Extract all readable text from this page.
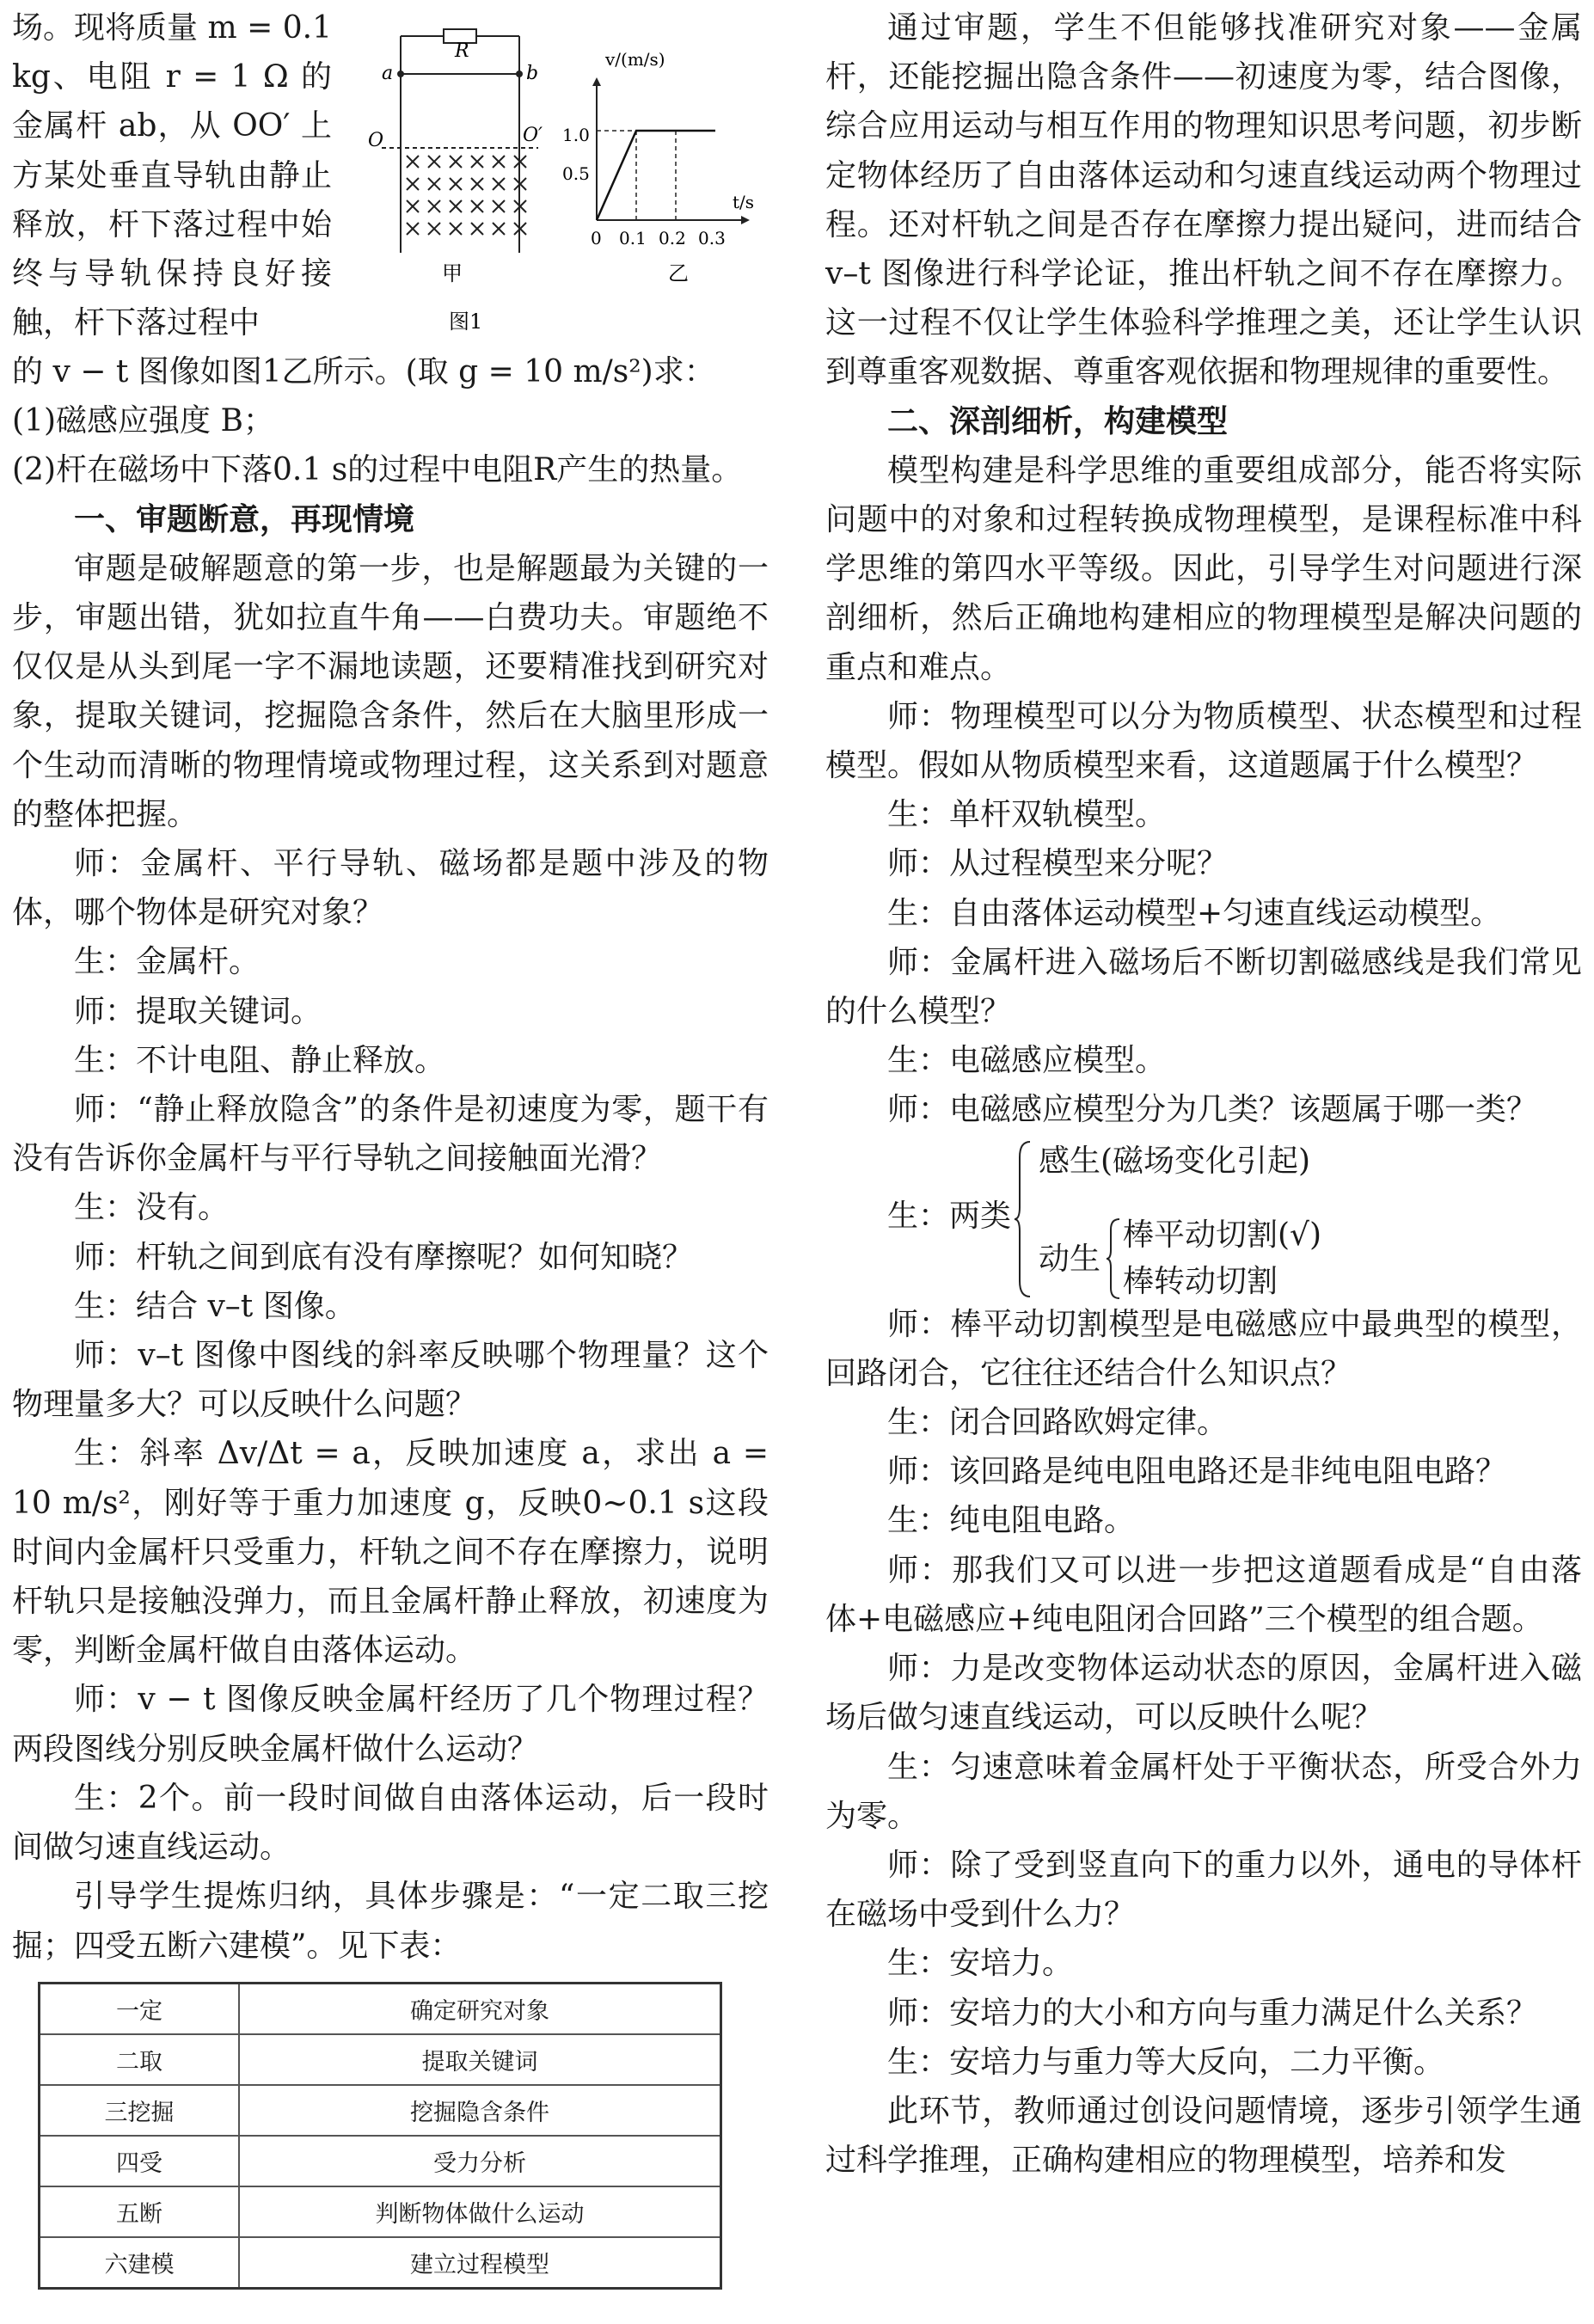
场。现将质量 m = 0.1 kg、电阻 r = 1 Ω 的金属杆 ab，从 OO′ 上方某处垂直导轨由静止释放，杆下落过程中始终与导轨保持良好接触，杆下落过程中

R
a	b
O	O′
甲
图1
v/(m/s)
t/s
1.0
0.5
0 0.1 0.2 0.3
乙

的 v − t 图像如图1乙所示。(取 g = 10 m/s²)求：

(1)磁感应强度 B；

(2)杆在磁场中下落0.1 s的过程中电阻R产生的热量。

一、审题断意，再现情境

审题是破解题意的第一步，也是解题最为关键的一步，审题出错，犹如拉直牛角——白费功夫。审题绝不仅仅是从头到尾一字不漏地读题，还要精准找到研究对象，提取关键词，挖掘隐含条件，然后在大脑里形成一个生动而清晰的物理情境或物理过程，这关系到对题意的整体把握。

师：金属杆、平行导轨、磁场都是题中涉及的物体，哪个物体是研究对象？

生：金属杆。

师：提取关键词。

生：不计电阻、静止释放。

师：“静止释放隐含”的条件是初速度为零，题干有没有告诉你金属杆与平行导轨之间接触面光滑？

生：没有。

师：杆轨之间到底有没有摩擦呢？如何知晓？

生：结合 v–t 图像。

师：v–t 图像中图线的斜率反映哪个物理量？这个物理量多大？可以反映什么问题？

生：斜率 Δv/Δt = a，反映加速度 a，求出 a = 10 m/s²，刚好等于重力加速度 g，反映0~0.1 s这段时间内金属杆只受重力，杆轨之间不存在摩擦力，说明杆轨只是接触没弹力，而且金属杆静止释放，初速度为零，判断金属杆做自由落体运动。

师：v − t 图像反映金属杆经历了几个物理过程？两段图线分别反映金属杆做什么运动？

生：2个。前一段时间做自由落体运动，后一段时间做匀速直线运动。

引导学生提炼归纳，具体步骤是：“一定二取三挖掘；四受五断六建模”。见下表：

一定	确定研究对象
二取	提取关键词
三挖掘	挖掘隐含条件
四受	受力分析
五断	判断物体做什么运动
六建模	建立过程模型

通过审题，学生不但能够找准研究对象——金属杆，还能挖掘出隐含条件——初速度为零，结合图像，综合应用运动与相互作用的物理知识思考问题，初步断定物体经历了自由落体运动和匀速直线运动两个物理过程。还对杆轨之间是否存在摩擦力提出疑问，进而结合 v–t 图像进行科学论证，推出杆轨之间不存在摩擦力。这一过程不仅让学生体验科学推理之美，还让学生认识到尊重客观数据、尊重客观依据和物理规律的重要性。

二、深剖细析，构建模型

模型构建是科学思维的重要组成部分，能否将实际问题中的对象和过程转换成物理模型，是课程标准中科学思维的第四水平等级。因此，引导学生对问题进行深剖细析，然后正确地构建相应的物理模型是解决问题的重点和难点。

师：物理模型可以分为物质模型、状态模型和过程模型。假如从物质模型来看，这道题属于什么模型？

生：单杆双轨模型。

师：从过程模型来分呢？

生：自由落体运动模型+匀速直线运动模型。

师：金属杆进入磁场后不断切割磁感线是我们常见的什么模型？

生：电磁感应模型。

师：电磁感应模型分为几类？该题属于哪一类？

生：两类
感生(磁场变化引起)
动生
棒平动切割(√)
棒转动切割

师：棒平动切割模型是电磁感应中最典型的模型，回路闭合，它往往还结合什么知识点？

生：闭合回路欧姆定律。

师：该回路是纯电阻电路还是非纯电阻电路？

生：纯电阻电路。

师：那我们又可以进一步把这道题看成是“自由落体+电磁感应+纯电阻闭合回路”三个模型的组合题。

师：力是改变物体运动状态的原因，金属杆进入磁场后做匀速直线运动，可以反映什么呢？

生：匀速意味着金属杆处于平衡状态，所受合外力为零。

师：除了受到竖直向下的重力以外，通电的导体杆在磁场中受到什么力？

生：安培力。

师：安培力的大小和方向与重力满足什么关系？

生：安培力与重力等大反向，二力平衡。

此环节，教师通过创设问题情境，逐步引领学生通过科学推理，正确构建相应的物理模型，培养和发
